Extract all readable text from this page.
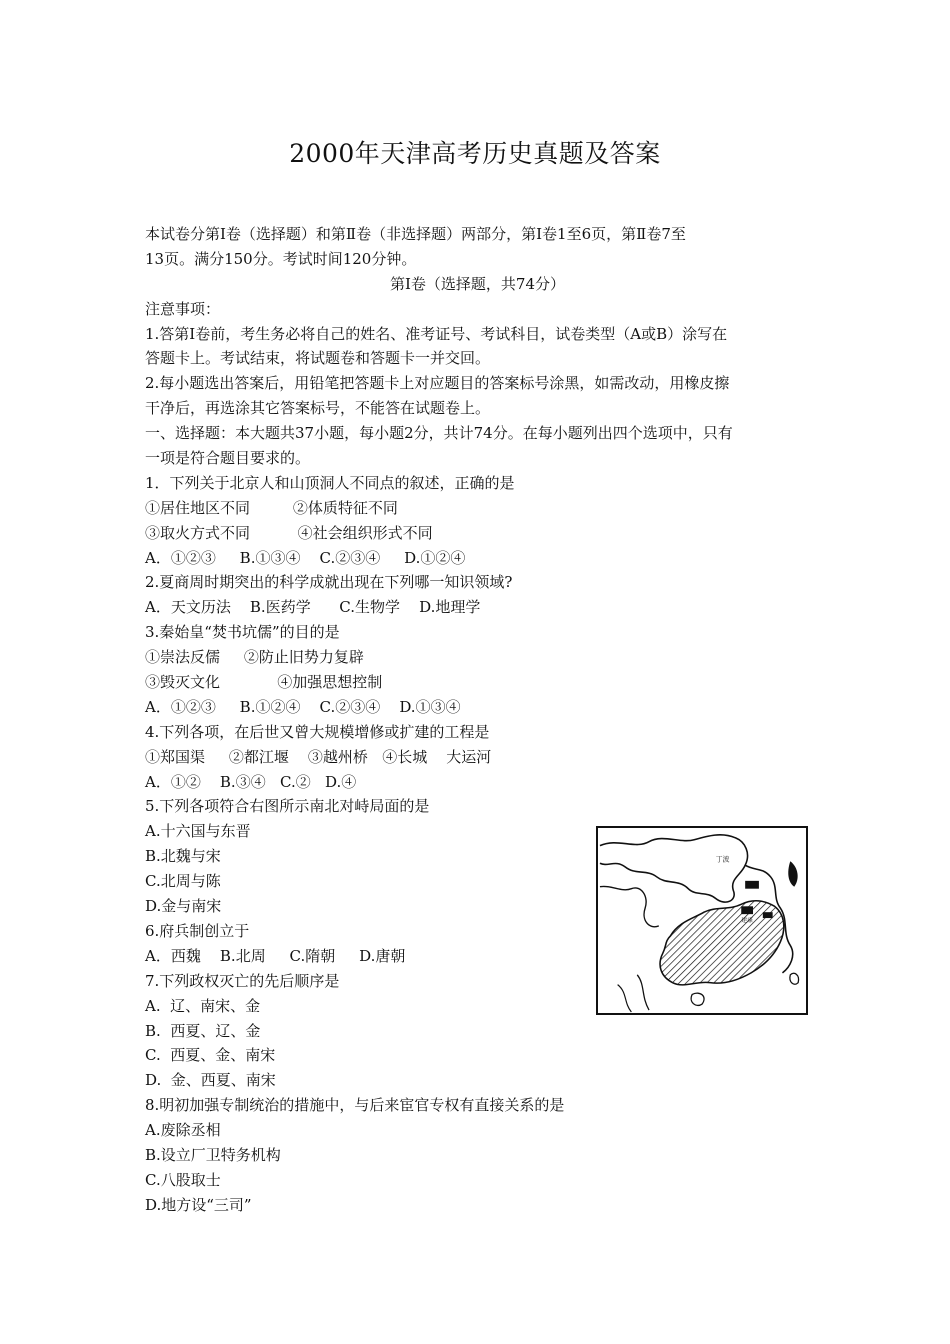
2000年天津高考历史真题及答案
本试卷分第Ⅰ卷（选择题）和第Ⅱ卷（非选择题）两部分，第Ⅰ卷1至6页，第Ⅱ卷7至
13页。满分150分。考试时间120分钟。
第Ⅰ卷（选择题，共74分）
注意事项：
1.答第Ⅰ卷前，考生务必将自己的姓名、准考证号、考试科目，试卷类型（A或B）涂写在
答题卡上。考试结束，将试题卷和答题卡一并交回。
2.每小题选出答案后，用铅笔把答题卡上对应题目的答案标号涂黑，如需改动，用橡皮擦
干净后，再选涂其它答案标号，不能答在试题卷上。
一、选择题：本大题共37小题，每小题2分，共计74分。在每小题列出四个选项中，只有
一项是符合题目要求的。
1．下列关于北京人和山顶洞人不同点的叙述，正确的是
①居住地区不同         ②体质特征不同
③取火方式不同          ④社会组织形式不同
A．①②③     B.①③④    C.②③④     D.①②④
2.夏商周时期突出的科学成就出现在下列哪一知识领域?
A．天文历法    B.医药学      C.生物学    D.地理学
3.秦始皇“焚书坑儒”的目的是
①崇法反儒     ②防止旧势力复辟
③毁灭文化            ④加强思想控制
A．①②③     B.①②④    C.②③④    D.①③④
4.下列各项，在后世又曾大规模增修或扩建的工程是
①郑国渠     ②都江堰    ③越州桥   ④长城    大运河
A．①②    B.③④   C.②   D.④
5.下列各项符合右图所示南北对峙局面的是
A.十六国与东晋
B.北魏与宋
C.北周与陈
D.金与南宋
6.府兵制创立于
A．西魏    B.北周     C.隋朝     D.唐朝
7.下列政权灭亡的先后顺序是
A.  辽、南宋、金
B.  西夏、辽、金
C.  西夏、金、南宋
D.  金、西夏、南宋
8.明初加强专制统治的措施中，与后来宦官专权有直接关系的是
A.废除丞相
B.设立厂卫特务机构
C.八股取士
D.地方设“三司”
丁波
建康
